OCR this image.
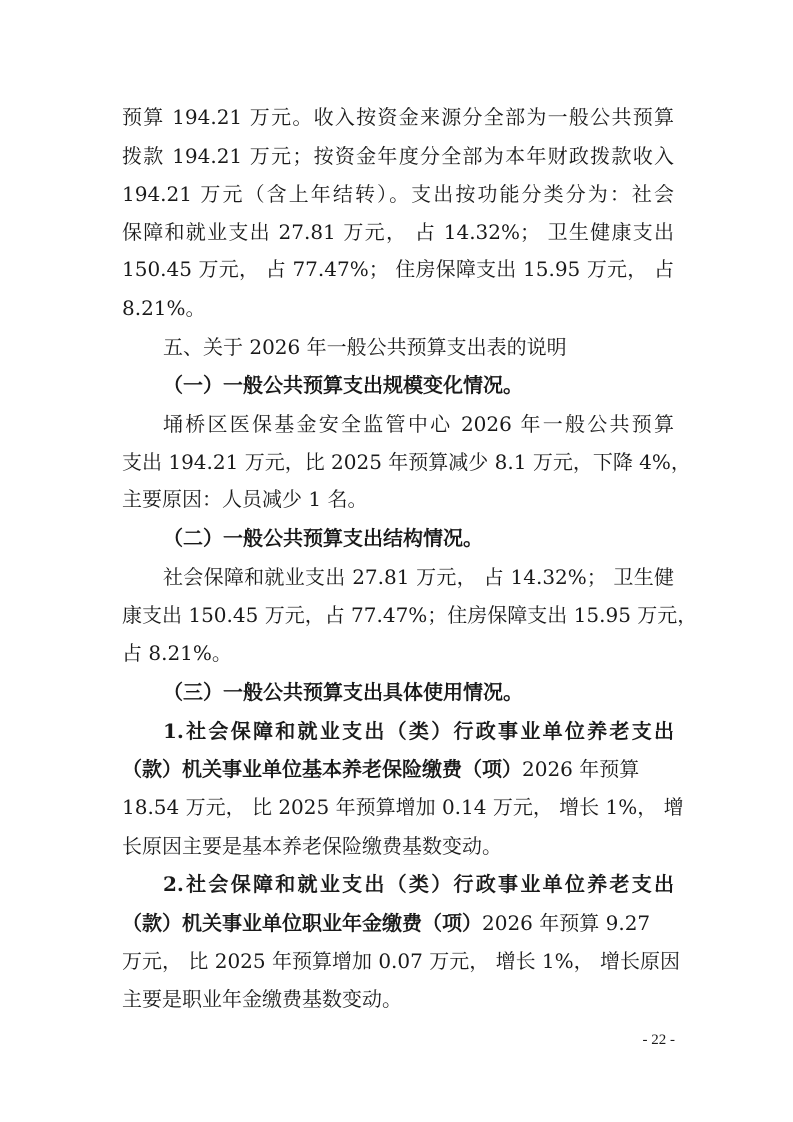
预算 194.21 万元。收入按资金来源分全部为一般公共预算
拨款 194.21 万元；按资金年度分全部为本年财政拨款收入
194.21 万元（含上年结转）。支出按功能分类分为：社会
保障和就业支出 27.81 万元， 占 14.32%； 卫生健康支出
150.45 万元， 占 77.47%； 住房保障支出 15.95 万元， 占
8.21%。
五、关于 2026 年一般公共预算支出表的说明
（一）一般公共预算支出规模变化情况。
埇桥区医保基金安全监管中心 2026 年一般公共预算
支出 194.21 万元，比 2025 年预算减少 8.1 万元，下降 4%，
主要原因：人员减少 1 名。
（二）一般公共预算支出结构情况。
社会保障和就业支出 27.81 万元， 占 14.32%； 卫生健
康支出 150.45 万元，占 77.47%；住房保障支出 15.95 万元，
占 8.21%。
（三）一般公共预算支出具体使用情况。
1.社会保障和就业支出（类）行政事业单位养老支出
（款）机关事业单位基本养老保险缴费（项）2026 年预算
18.54 万元， 比 2025 年预算增加 0.14 万元， 增长 1%， 增
长原因主要是基本养老保险缴费基数变动。
2.社会保障和就业支出（类）行政事业单位养老支出
（款）机关事业单位职业年金缴费（项）2026 年预算 9.27
万元， 比 2025 年预算增加 0.07 万元， 增长 1%， 增长原因
主要是职业年金缴费基数变动。
- 22 -
